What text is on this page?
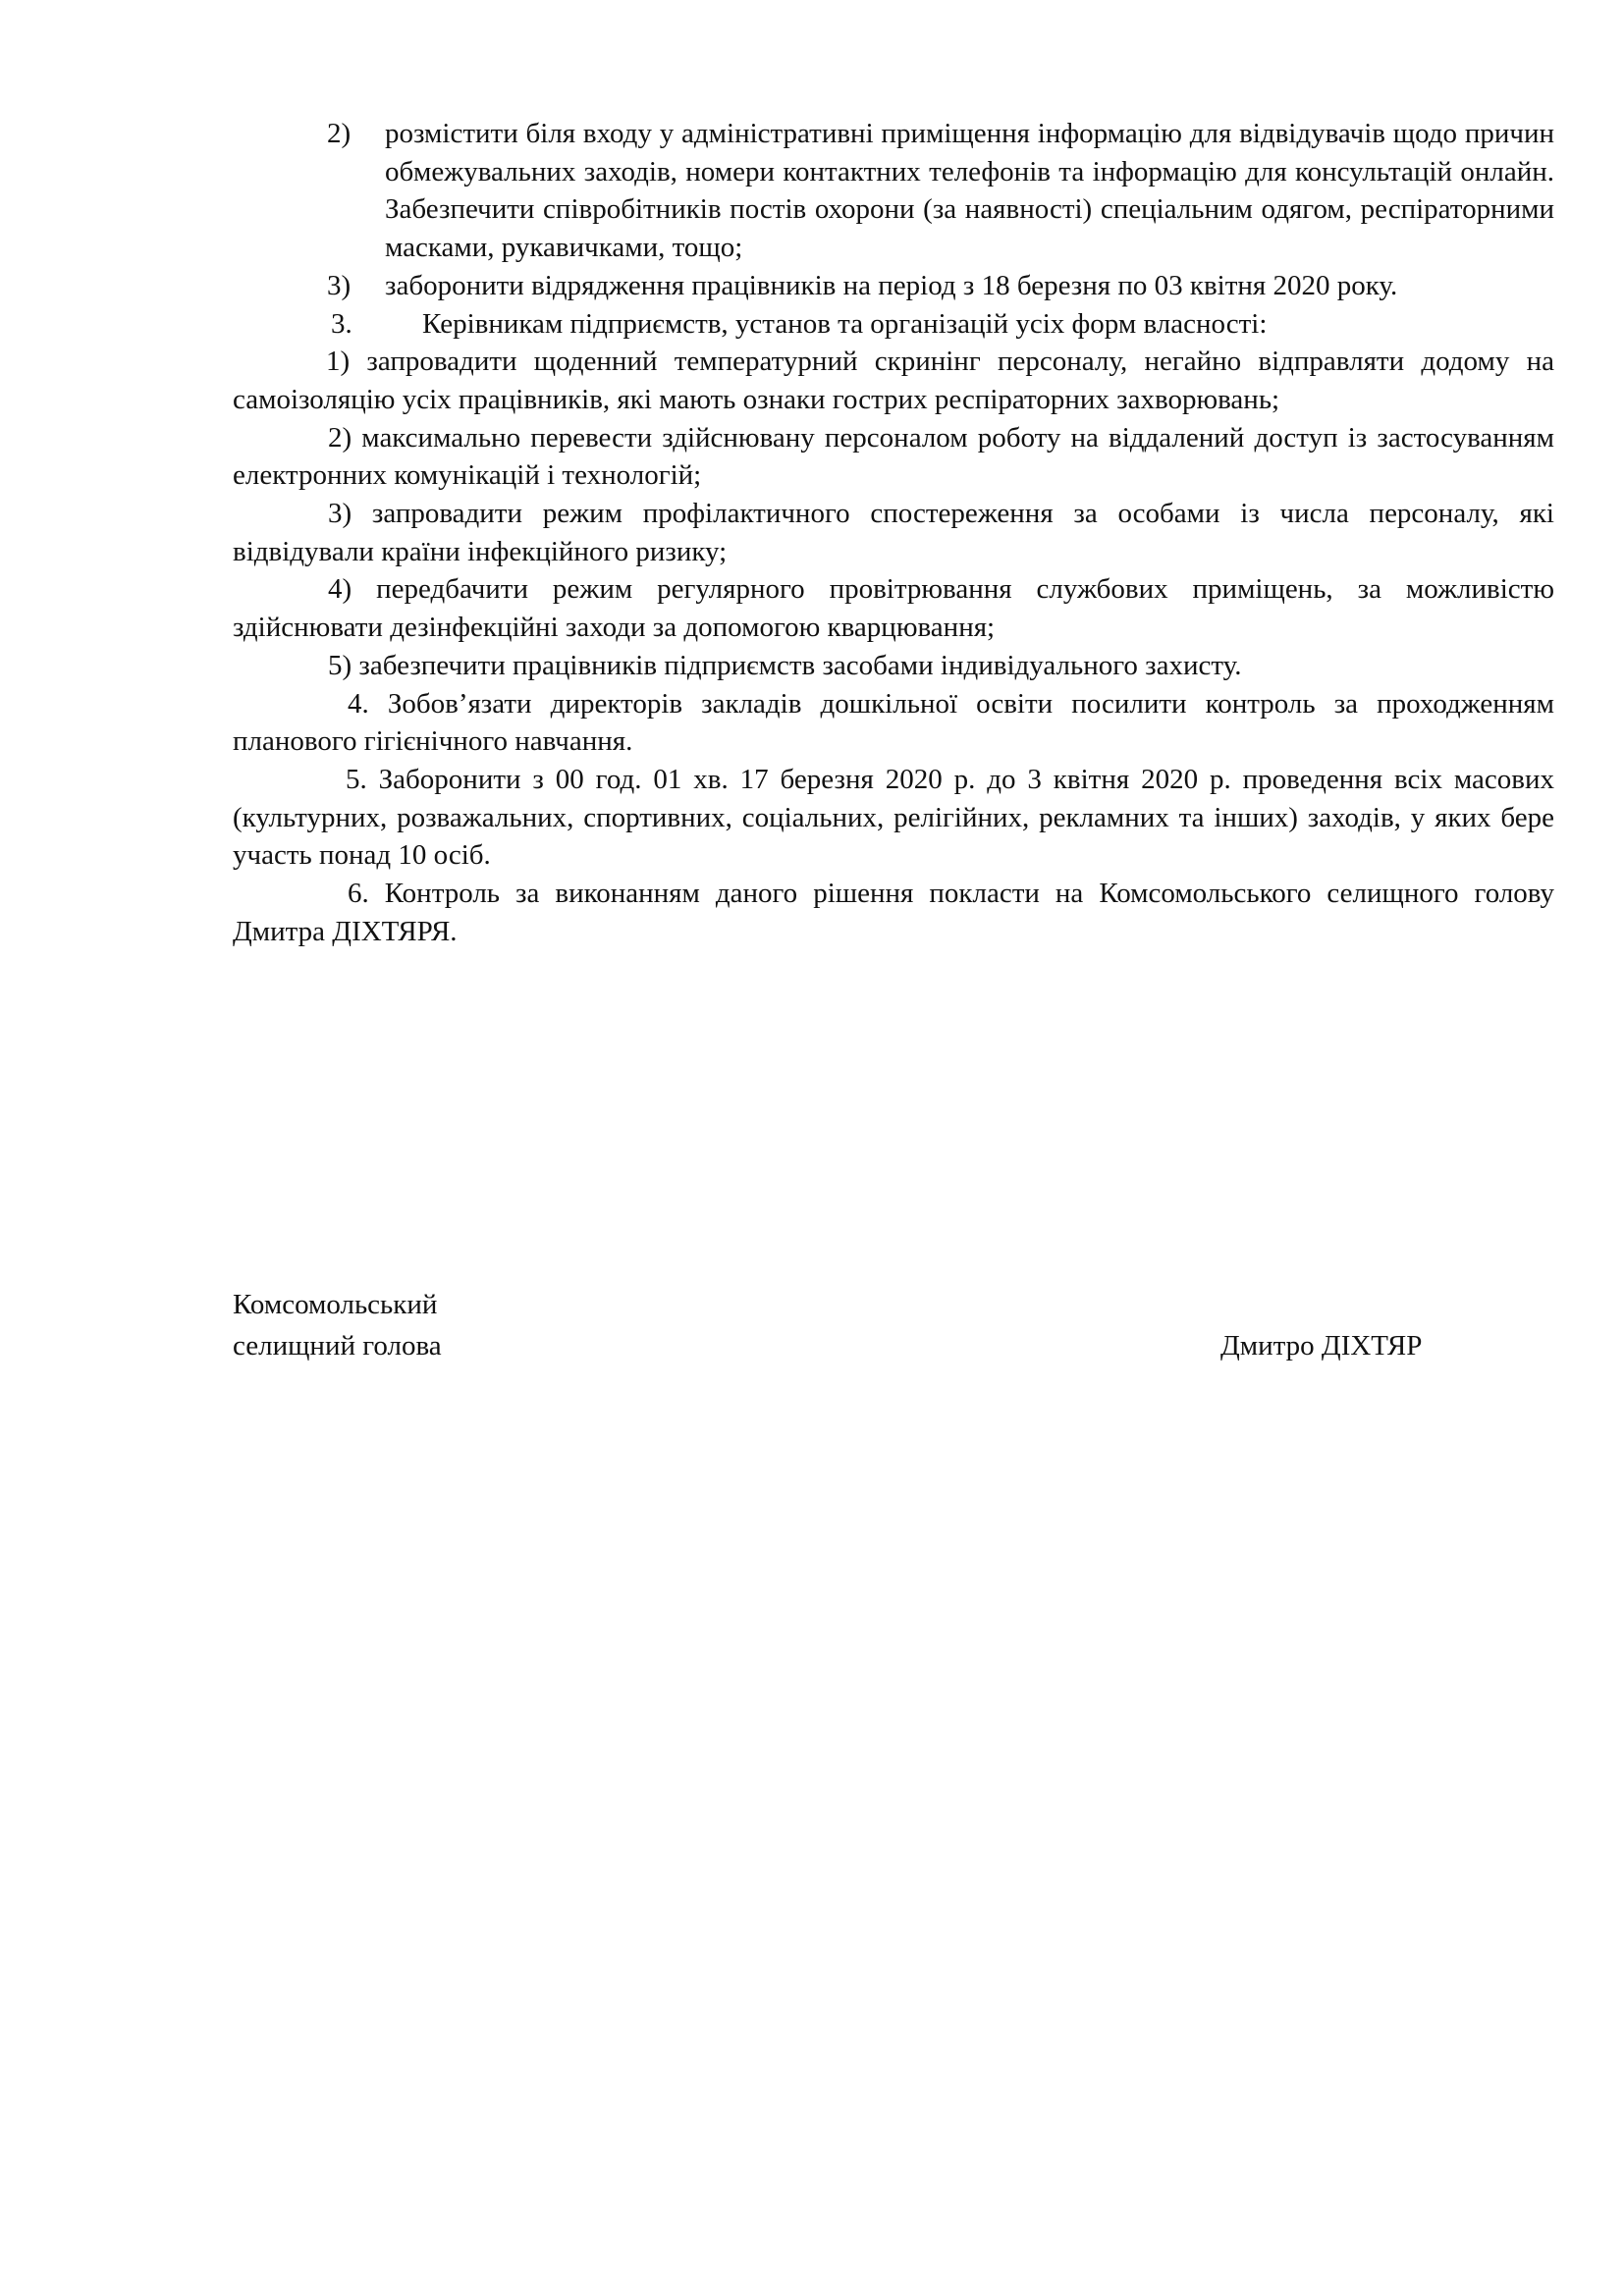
2) розмістити біля входу у адміністративні приміщення інформацію для відвідувачів щодо причин обмежувальних заходів, номери контактних телефонів та інформацію для консультацій онлайн. Забезпечити співробітників постів охорони (за наявності) спеціальним одягом, респіраторними масками, рукавичками, тощо;
3) заборонити відрядження працівників на період з 18 березня по 03 квітня 2020 року.

3. Керівникам підприємств, установ та організацій усіх форм власності:

1) запровадити щоденний температурний скринінг персоналу, негайно відправляти додому на самоізоляцію усіх працівників, які мають ознаки гострих респіраторних захворювань;

2) максимально перевести здійснювану персоналом роботу на віддалений доступ із застосуванням електронних комунікацій і технологій;

3) запровадити режим профілактичного спостереження за особами із числа персоналу, які відвідували країни інфекційного ризику;

4) передбачити режим регулярного провітрювання службових приміщень, за можливістю здійснювати дезінфекційні заходи за допомогою кварцювання;

5) забезпечити працівників підприємств засобами індивідуального захисту.

4. Зобов’язати директорів закладів дошкільної освіти посилити контроль за проходженням планового гігієнічного навчання.

5. Заборонити з 00 год. 01 хв. 17 березня 2020 р. до 3 квітня 2020 р. проведення всіх масових (культурних, розважальних, спортивних, соціальних, релігійних, рекламних та інших) заходів, у яких бере участь понад 10 осіб.

6. Контроль за виконанням даного рішення покласти на Комсомольського селищного голову Дмитра ДІХТЯРЯ.

Комсомольський
селищний голова	Дмитро ДІХТЯР
